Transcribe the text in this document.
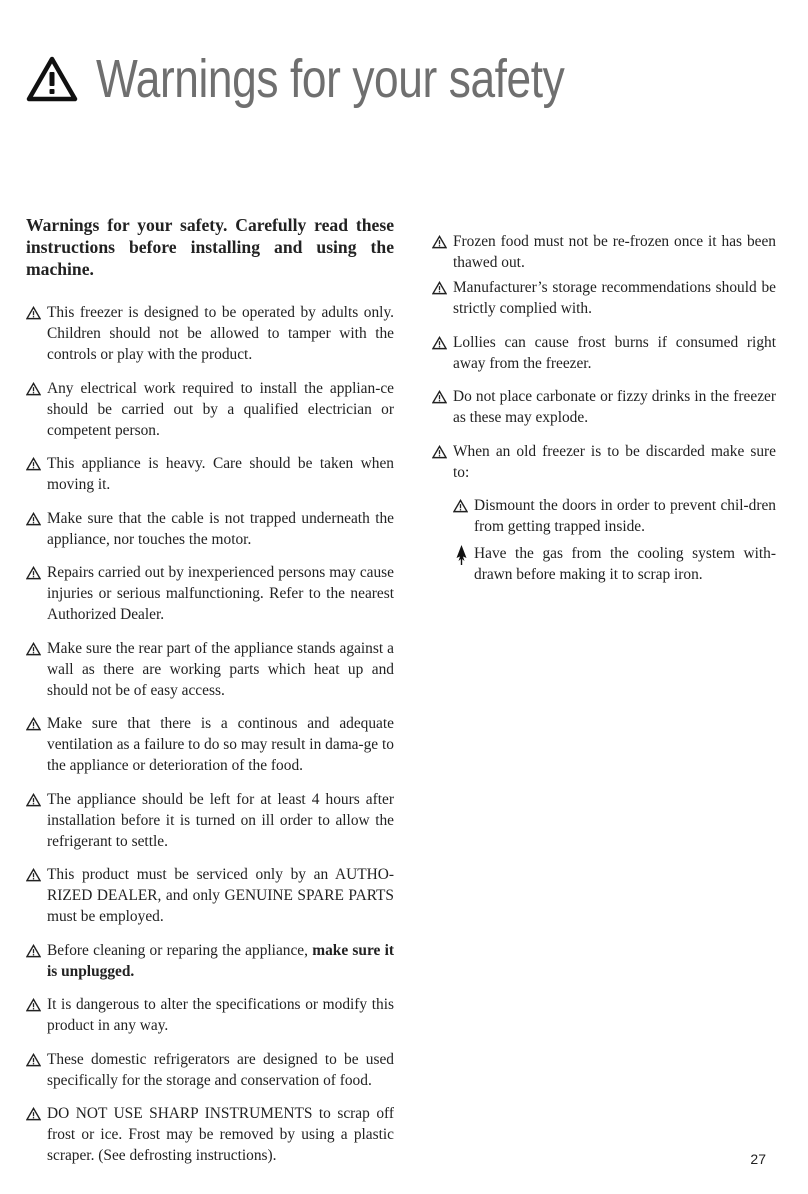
Warnings for your safety

Warnings for your safety. Carefully read these instructions before installing and using the machine.

This freezer is designed to be operated by adults only. Children should not be allowed to tamper with the controls or play with the product.
Any electrical work required to install the applian-ce should be carried out by a qualified electrician or competent person.
This appliance is heavy. Care should be taken when moving it.
Make sure that the cable is not trapped underneath the appliance, nor touches the motor.
Repairs carried out by inexperienced persons may cause injuries or serious malfunctioning. Refer to the nearest Authorized Dealer.
Make sure the rear part of the appliance stands against a wall as there are working parts which heat up and should not be of easy access.
Make sure that there is a continous and adequate ventilation as a failure to do so may result in dama-ge to the appliance or deterioration of the food.
The appliance should be left for at least 4 hours after installation before it is turned on ill order to allow the refrigerant to settle.
This product must be serviced only by an AUTHO-RIZED DEALER, and only GENUINE SPARE PARTS must be employed.
Before cleaning or reparing the appliance, make sure it is unplugged.
It is dangerous to alter the specifications or modify this product in any way.
These domestic refrigerators are designed to be used specifically for the storage and conservation of food.
DO NOT USE SHARP INSTRUMENTS to scrap off frost or ice. Frost may be removed by using a plastic scraper. (See defrosting instructions).
Frozen food must not be re-frozen once it has been thawed out.
Manufacturer’s storage recommendations should be strictly complied with.
Lollies can cause frost burns if consumed right away from the freezer.
Do not place carbonate or fizzy drinks in the freezer as these may explode.
When an old freezer is to be discarded make sure to:
Dismount the doors in order to prevent chil-dren from getting trapped inside.
Have the gas from the cooling system with-drawn before making it to scrap iron.
27
